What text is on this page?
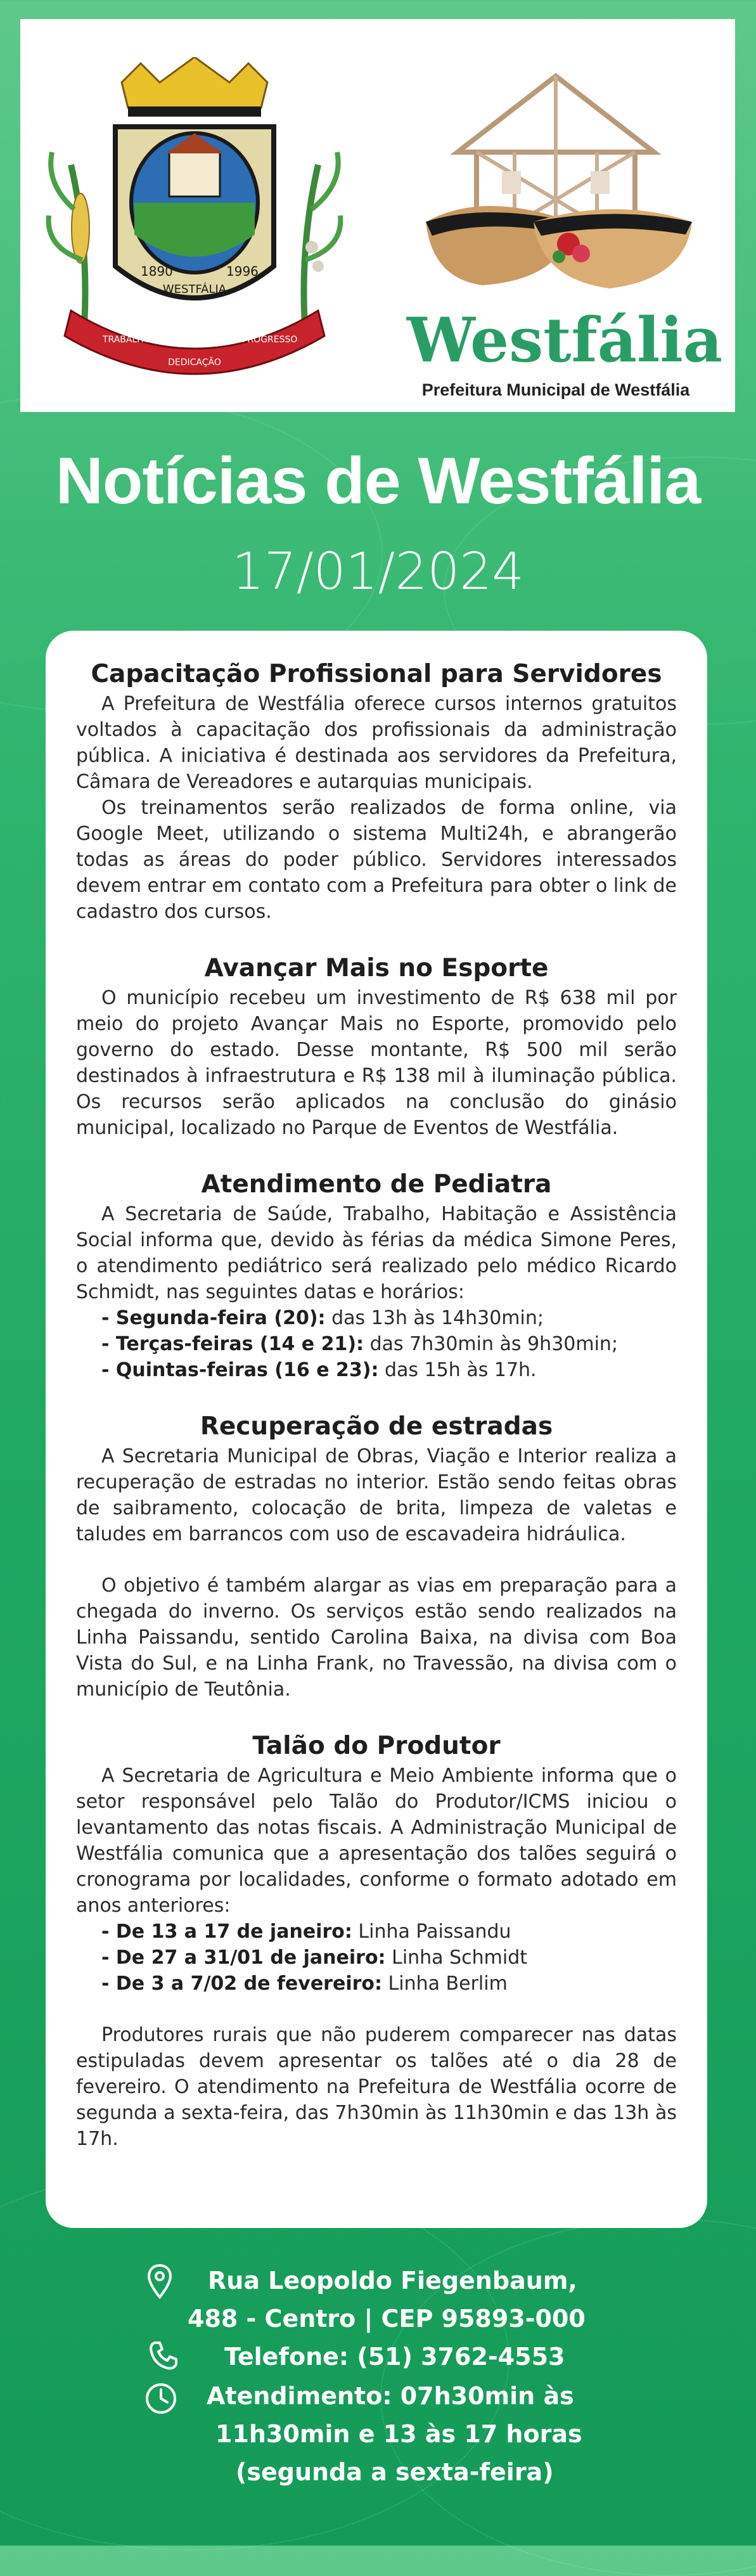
1890	1996
WESTFÁLIA
TRABALHO
DEDICAÇÃO
PROGRESSO Westfália
Prefeitura Municipal de Westfália
Notícias de Westfália
17/01/2024
Capacitação Profissional para Servidores

A Prefeitura de Westfália oferece cursos internos gratuitos voltados à capacitação dos profissionais da administração pública. A iniciativa é destinada aos servidores da Prefeitura, Câmara de Vereadores e autarquias municipais.

Os treinamentos serão realizados de forma online, via Google Meet, utilizando o sistema Multi24h, e abrangerão todas as áreas do poder público. Servidores interessados devem entrar em contato com a Prefeitura para obter o link de cadastro dos cursos.

Avançar Mais no Esporte

O município recebeu um investimento de R$ 638 mil por meio do projeto Avançar Mais no Esporte, promovido pelo governo do estado. Desse montante, R$ 500 mil serão destinados à infraestrutura e R$ 138 mil à iluminação pública. Os recursos serão aplicados na conclusão do ginásio municipal, localizado no Parque de Eventos de Westfália.

Atendimento de Pediatra

A Secretaria de Saúde, Trabalho, Habitação e Assistência Social informa que, devido às férias da médica Simone Peres, o atendimento pediátrico será realizado pelo médico Ricardo Schmidt, nas seguintes datas e horários:

- Segunda-feira (20): das 13h às 14h30min;
- Terças-feiras (14 e 21): das 7h30min às 9h30min;
- Quintas-feiras (16 e 23): das 15h às 17h.
Recuperação de estradas

A Secretaria Municipal de Obras, Viação e Interior realiza a recuperação de estradas no interior. Estão sendo feitas obras de saibramento, colocação de brita, limpeza de valetas e taludes em barrancos com uso de escavadeira hidráulica.

O objetivo é também alargar as vias em preparação para a chegada do inverno. Os serviços estão sendo realizados na Linha Paissandu, sentido Carolina Baixa, na divisa com Boa Vista do Sul, e na Linha Frank, no Travessão, na divisa com o município de Teutônia.

Talão do Produtor

A Secretaria de Agricultura e Meio Ambiente informa que o setor responsável pelo Talão do Produtor/ICMS iniciou o levantamento das notas fiscais. A Administração Municipal de Westfália comunica que a apresentação dos talões seguirá o cronograma por localidades, conforme o formato adotado em anos anteriores:

- De 13 a 17 de janeiro: Linha Paissandu
- De 27 a 31/01 de janeiro: Linha Schmidt
- De 3 a 7/02 de fevereiro: Linha Berlim

Produtores rurais que não puderem comparecer nas datas estipuladas devem apresentar os talões até o dia 28 de fevereiro. O atendimento na Prefeitura de Westfália ocorre de segunda a sexta-feira, das 7h30min às 11h30min e das 13h às 17h.

Rua Leopoldo Fiegenbaum,
488 - Centro | CEP 95893-000
Telefone: (51) 3762-4553
Atendimento: 07h30min às
11h30min e 13 às 17 horas
(segunda a sexta-feira)
